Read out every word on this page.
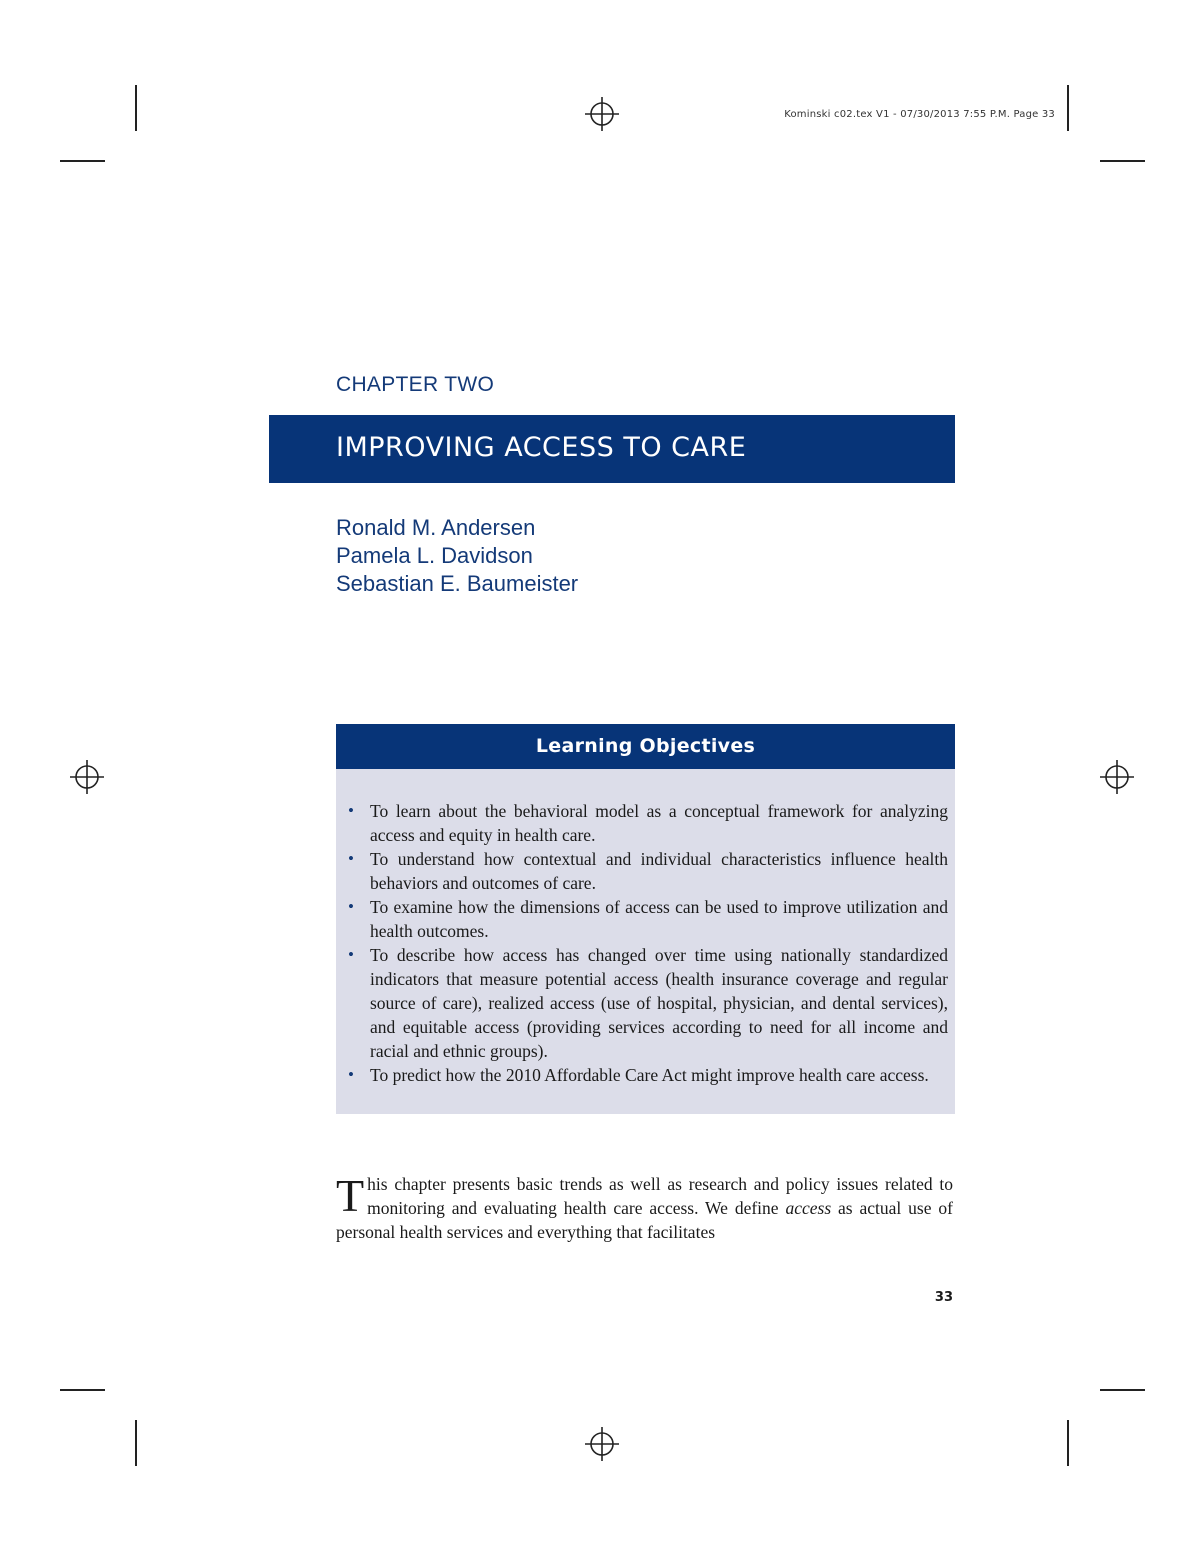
Kominski c02.tex V1 - 07/30/2013 7:55 P.M. Page 33
CHAPTER TWO
IMPROVING ACCESS TO CARE
Ronald M. Andersen
Pamela L. Davidson
Sebastian E. Baumeister
Learning Objectives
• To learn about the behavioral model as a conceptual framework for analyzing access and equity in health care.
• To understand how contextual and individual characteristics influence health behaviors and outcomes of care.
• To examine how the dimensions of access can be used to improve utilization and health outcomes.
• To describe how access has changed over time using nationally standardized indicators that measure potential access (health insurance coverage and regular source of care), realized access (use of hospital, physician, and dental services), and equitable access (providing services according to need for all income and racial and ethnic groups).
• To predict how the 2010 Affordable Care Act might improve health care access.
This chapter presents basic trends as well as research and policy issues related to monitoring and evaluating health care access. We define access as actual use of personal health services and everything that facilitates
33
